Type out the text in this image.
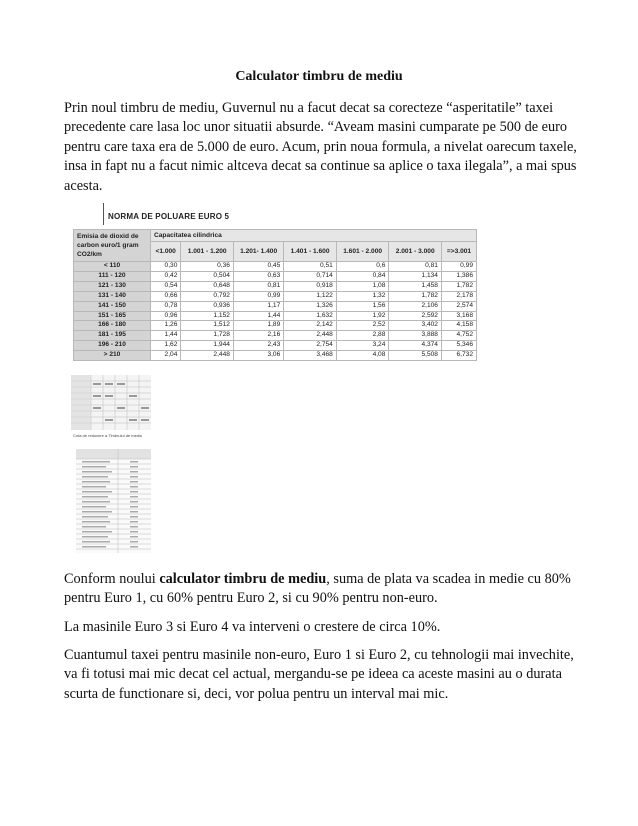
Calculator timbru de mediu

Prin noul timbru de mediu, Guvernul nu a facut decat sa corecteze “asperitatile” taxei precedente care lasa loc unor situatii absurde. “Aveam masini cumparate pe 500 de euro pentru care taxa era de 5.000 de euro. Acum, prin noua formula, a nivelat oarecum taxele, insa in fapt nu a facut nimic altceva decat sa continue sa aplice o taxa ilegala”, a mai spus acesta.

NORMA DE POLUARE EURO 5
Emisia de dioxid de carbon euro/1 gram CO2/km	Capacitatea cilindrica						
	<1.000	1.001 - 1.200	1.201- 1.400	1.401 - 1.600	1.601 - 2.000	2.001 - 3.000	=>3.001
< 110	0,30	0,36	0,45	0,51	0,6	0,81	0,99
111 - 120	0,42	0,504	0,63	0,714	0,84	1,134	1,386
121 - 130	0,54	0,648	0,81	0,918	1,08	1,458	1,782
131 - 140	0,66	0,792	0,99	1,122	1,32	1,782	2,178
141 - 150	0,78	0,936	1,17	1,326	1,56	2,106	2,574
151 - 165	0,96	1,152	1,44	1,632	1,92	2,592	3,168
166 - 180	1,26	1,512	1,89	2,142	2,52	3,402	4,158
181 - 195	1,44	1,728	2,16	2,448	2,88	3,888	4,752
196 - 210	1,62	1,944	2,43	2,754	3,24	4,374	5,346
> 210	2,04	2,448	3,06	3,468	4,08	5,508	6,732
Cota de reducere a Timbrului de mediu

Conform noului calculator timbru de mediu, suma de plata va scadea in medie cu 80% pentru Euro 1, cu 60% pentru Euro 2, si cu 90% pentru non-euro.

La masinile Euro 3 si Euro 4 va interveni o crestere de circa 10%.

Cuantumul taxei pentru masinile non-euro, Euro 1 si Euro 2, cu tehnologii mai invechite, va fi totusi mai mic decat cel actual, mergandu-se pe ideea ca aceste masini au o durata scurta de functionare si, deci, vor polua pentru un interval mai mic.
